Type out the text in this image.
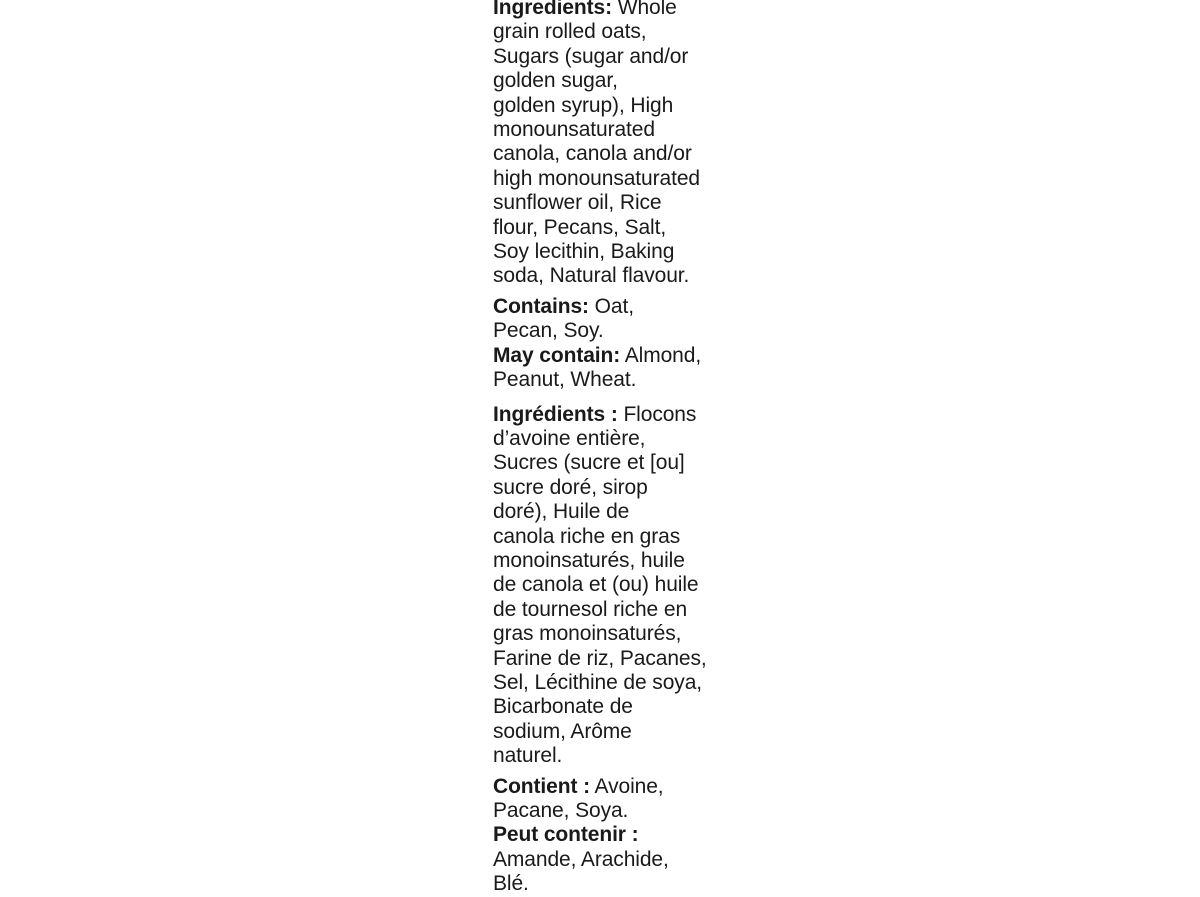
Ingredients: Whole
grain rolled oats,
Sugars (sugar and/or
golden sugar,
golden syrup), High
monounsaturated
canola, canola and/or
high monounsaturated
sunflower oil, Rice
flour, Pecans, Salt,
Soy lecithin, Baking
soda, Natural flavour.
Contains: Oat,
Pecan, Soy.
May contain: Almond,
Peanut, Wheat.
Ingrédients : Flocons
d’avoine entière,
Sucres (sucre et [ou]
sucre doré, sirop
doré), Huile de
canola riche en gras
monoinsaturés, huile
de canola et (ou) huile
de tournesol riche en
gras monoinsaturés,
Farine de riz, Pacanes,
Sel, Lécithine de soya,
Bicarbonate de
sodium, Arôme
naturel.
Contient : Avoine,
Pacane, Soya.
Peut contenir :
Amande, Arachide,
Blé.
